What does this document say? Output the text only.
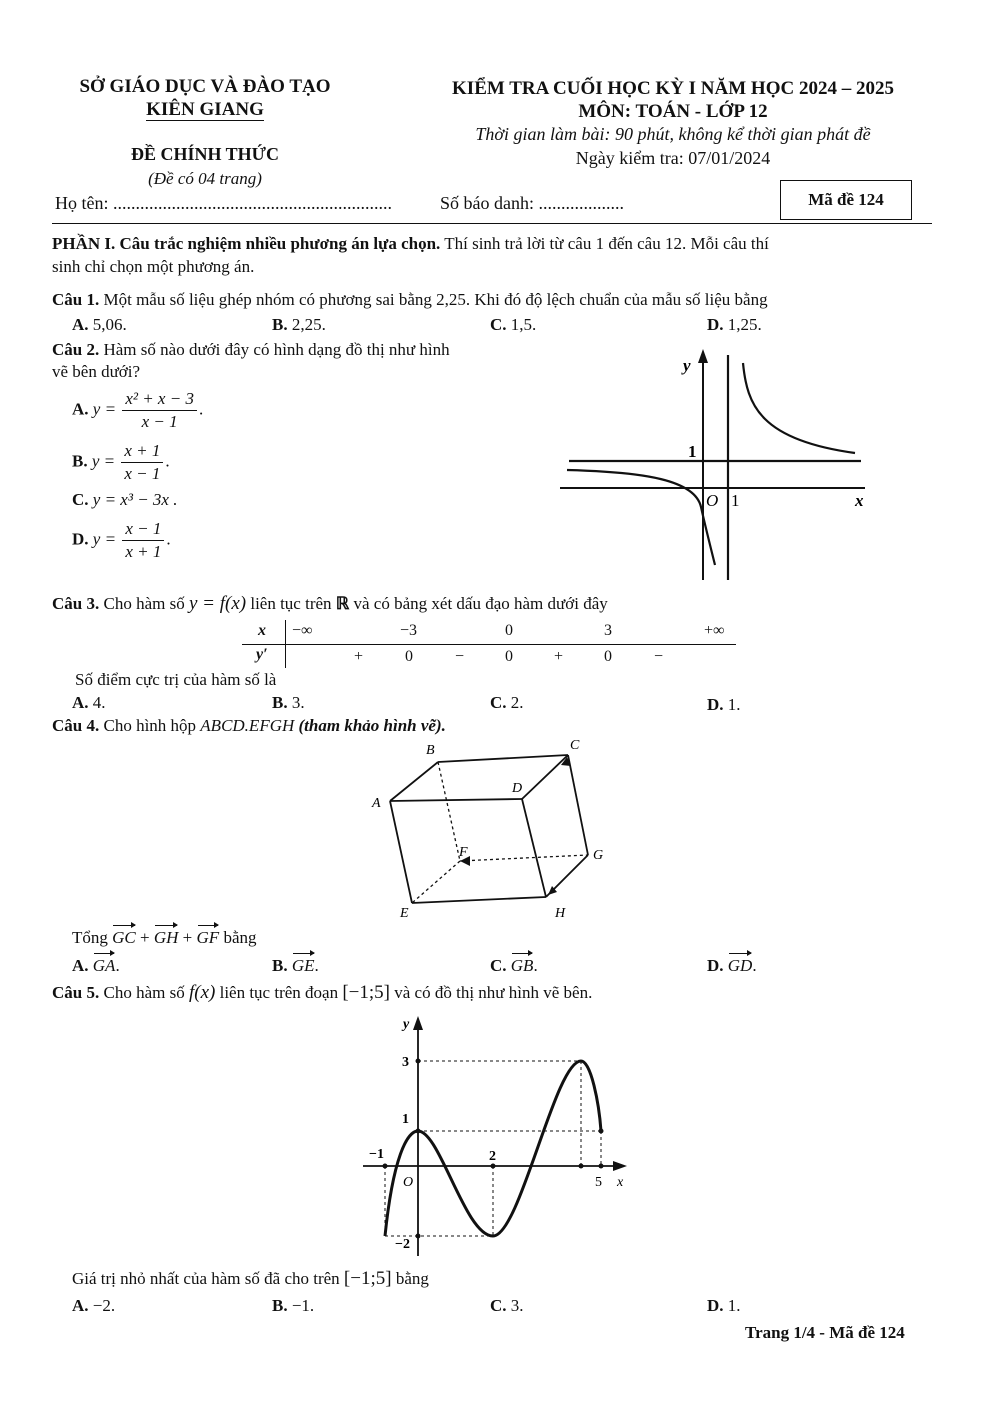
SỞ GIÁO DỤC VÀ ĐÀO TẠO
KIÊN GIANG
ĐỀ CHÍNH THỨC
(Đề có 04 trang)
KIỂM TRA CUỐI HỌC KỲ I NĂM HỌC 2024 – 2025
MÔN: TOÁN - LỚP 12
Thời gian làm bài: 90 phút, không kể thời gian phát đề
Ngày kiểm tra: 07/01/2024
Họ tên: ..............................................................	Số báo danh: ...................	Mã đề 124
PHẦN I. Câu trắc nghiệm nhiều phương án lựa chọn. Thí sinh trả lời từ câu 1 đến câu 12. Mỗi câu thí
sinh chỉ chọn một phương án.
Câu 1. Một mẫu số liệu ghép nhóm có phương sai bằng 2,25. Khi đó độ lệch chuẩn của mẫu số liệu bằng
A. 5,06.	B. 2,25.	C. 1,5.	D. 1,25.
Câu 2. Hàm số nào dưới đây có hình dạng đồ thị như hình
vẽ bên dưới?
A. $y = \frac{\text{x² + x − 3}}{x - 1}$ .
B. $y = \frac{x + 1}{x - 1}$ .
C. y = x³ − 3x .
D. $y = \frac{x - 1}{x + 1}$ .
y
x
1
O 1
Câu 3. Cho hàm số y = f(x) liên tục trên ℝ và có bảng xét dấu đạo hàm dưới đây
x −∞	−3	0	3	+∞
y′	+	0	−	0	+	0	−
Số điểm cực trị của hàm số là
A. 4.	B. 3.	C. 2.	D. 1.
Câu 4. Cho hình hộp ABCD.EFGH (tham khảo hình vẽ).
B	C
A
D
F	G
E	H
Tổng GC + GH + GF bằng
A. GA.	B. GE.	C. GB.	D. GD.
Câu 5. Cho hàm số f(x) liên tục trên đoạn [−1;5] và có đồ thị như hình vẽ bên.
y
x
3
1
−1	2
O	5
−2
Giá trị nhỏ nhất của hàm số đã cho trên [−1;5] bằng
A. −2.	B. −1.	C. 3.	D. 1.
Trang 1/4 - Mã đề 124
